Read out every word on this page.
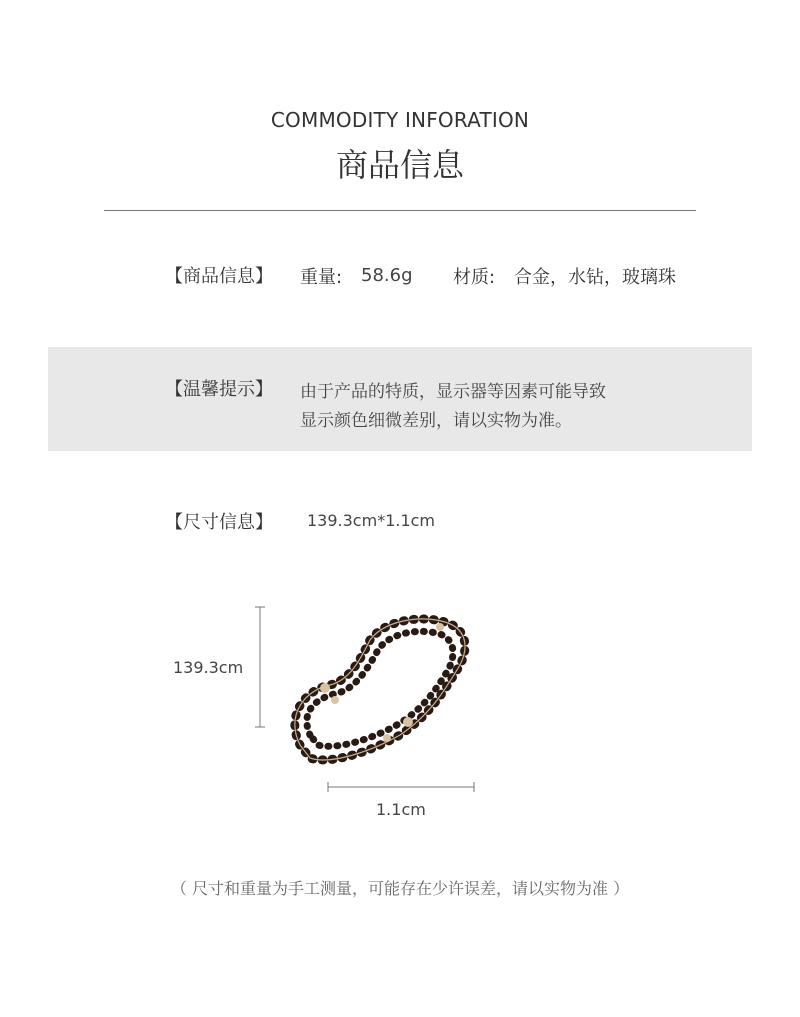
COMMODITY INFORATION
商品信息
【商品信息】 重量: 58.6g 材质: 合金，水钻，玻璃珠
【温馨提示】 由于产品的特质，显示器等因素可能导致
显示颜色细微差别，请以实物为准。
【尺寸信息】 139.3cm*1.1cm
139.3cm
1.1cm
（ 尺寸和重量为手工测量，可能存在少许误差，请以实物为准 ）
